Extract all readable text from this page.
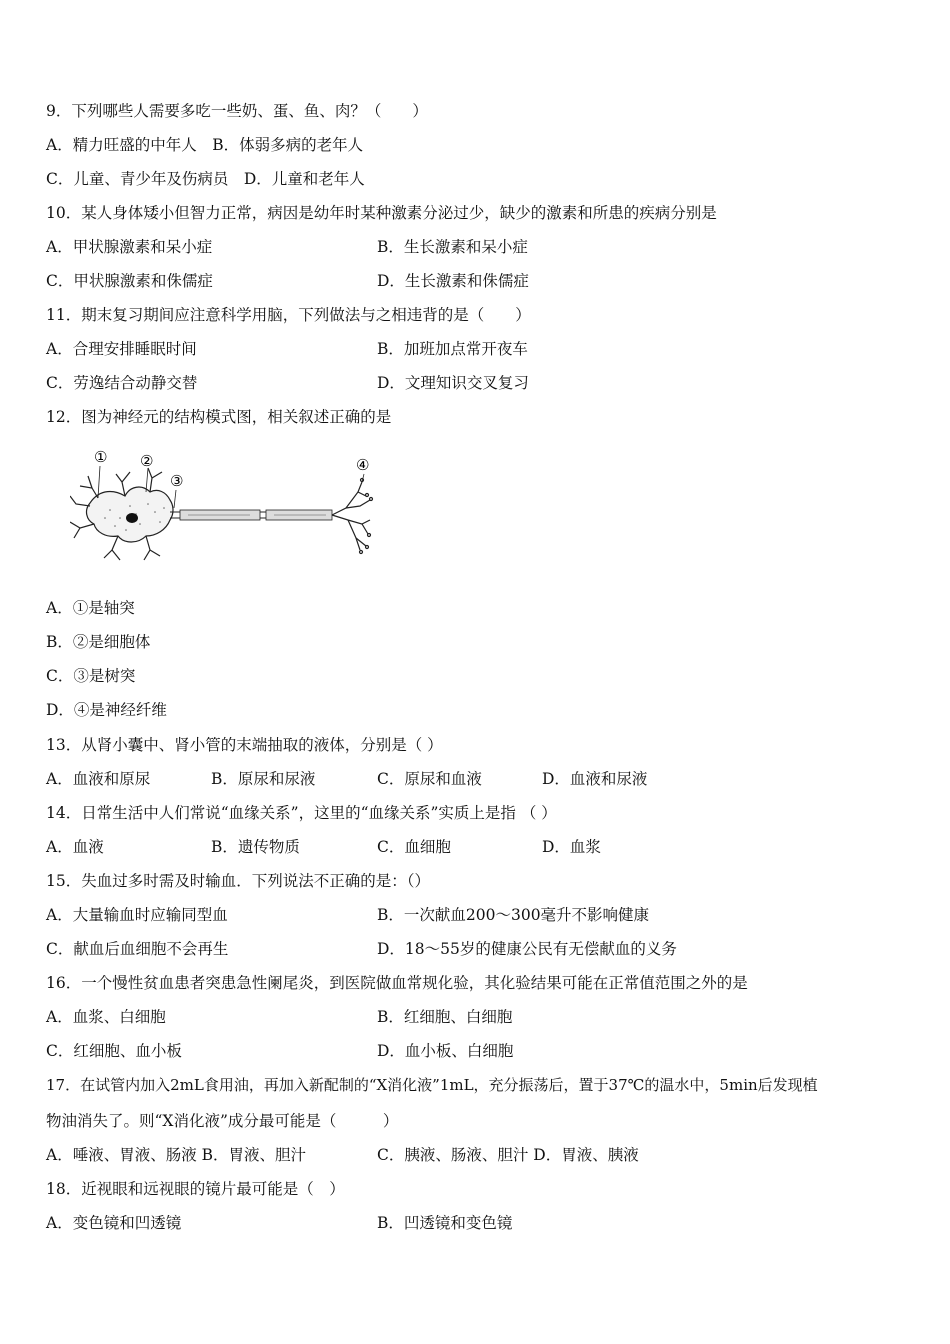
9．下列哪些人需要多吃一些奶、蛋、鱼、肉？（　　）
A．精力旺盛的中年人　B．体弱多病的老年人
C．儿童、青少年及伤病员　D．儿童和老年人
10．某人身体矮小但智力正常，病因是幼年时某种激素分泌过少，缺少的激素和所患的疾病分别是
A．甲状腺激素和呆小症	B．生长激素和呆小症
C．甲状腺激素和侏儒症	D．生长激素和侏儒症
11．期末复习期间应注意科学用脑，下列做法与之相违背的是（　　）
A．合理安排睡眠时间	B．加班加点常开夜车
C．劳逸结合动静交替	D．文理知识交叉复习
12．图为神经元的结构模式图，相关叙述正确的是
① ②
③
④
A．①是轴突
B．②是细胞体
C．③是树突
D．④是神经纤维
13．从肾小囊中、肾小管的末端抽取的液体，分别是（ ）
A．血液和原尿	B．原尿和尿液	C．原尿和血液	D．血液和尿液
14．日常生活中人们常说“血缘关系”，这里的“血缘关系”实质上是指 （ ）
A．血液	B．遗传物质	C．血细胞	D．血浆
15．失血过多时需及时输血．下列说法不正确的是：（）
A．大量输血时应输同型血	B．一次献血200～300毫升不影响健康
C．献血后血细胞不会再生	D．18～55岁的健康公民有无偿献血的义务
16．一个慢性贫血患者突患急性阑尾炎，到医院做血常规化验，其化验结果可能在正常值范围之外的是
A．血浆、白细胞	B．红细胞、白细胞
C．红细胞、血小板	D．血小板、白细胞
17．在试管内加入2mL食用油，再加入新配制的“X消化液”1mL，充分振荡后，置于37℃的温水中，5min后发现植
物油消失了。则“X消化液”成分最可能是（　　　）
A．唾液、胃液、肠液 B．胃液、胆汁	C．胰液、肠液、胆汁 D．胃液、胰液
18．近视眼和远视眼的镜片最可能是（　）
A．变色镜和凹透镜	B．凹透镜和变色镜
